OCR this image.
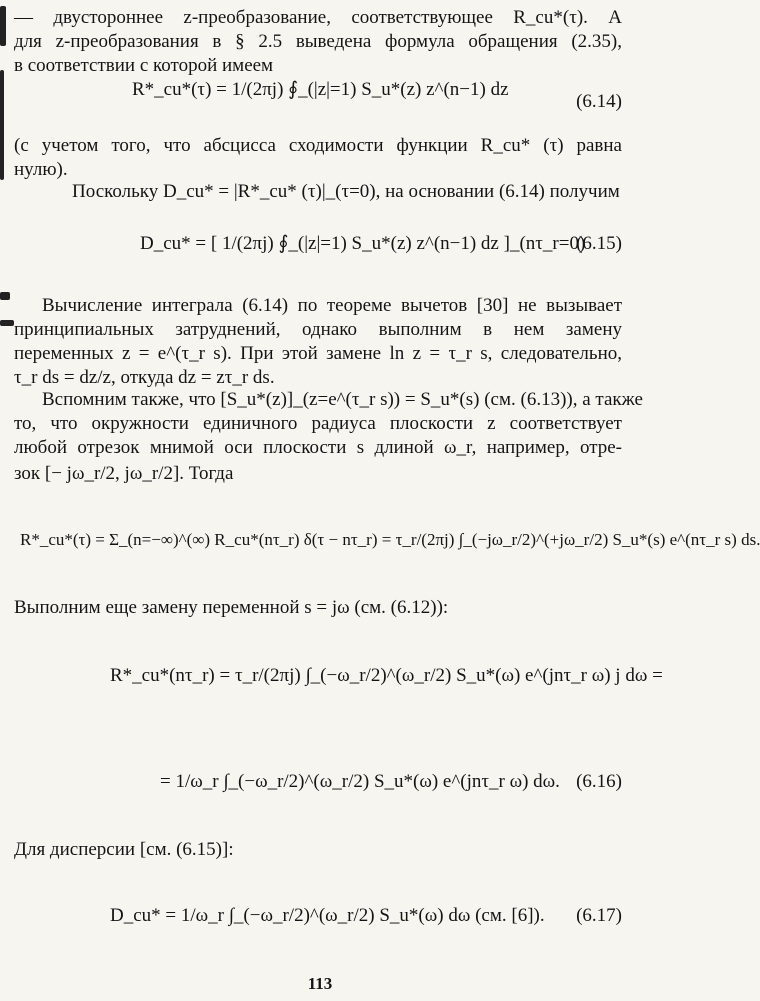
— двустороннее z-преобразование, соответствующее R_cu*(τ). А
для z-преобразования в § 2.5 выведена формула обращения (2.35),
в соответствии с которой имеем
R*_cu*(τ) = 1/(2πj) ∮_(|z|=1) S_u*(z) z^(n−1) dz
(6.14)
(с учетом того, что абсцисса сходимости функции R_cu* (τ) равна
нулю).
Поскольку D_cu* = |R*_cu* (τ)|_(τ=0), на основании (6.14) получим
D_cu* = [ 1/(2πj) ∮_(|z|=1) S_u*(z) z^(n−1) dz ]_(nτ_r=0)
(6.15)
Вычисление интеграла (6.14) по теореме вычетов [30] не вызывает
принципиальных затруднений, однако выполним в нем замену
переменных z = e^(τ_r s). При этой замене ln z = τ_r s, следовательно,
τ_r ds = dz/z, откуда dz = zτ_r ds.
Вспомним также, что [S_u*(z)]_(z=e^(τ_r s)) = S_u*(s) (см. (6.13)), а также
то, что окружности единичного радиуса плоскости z соответствует
любой отрезок мнимой оси плоскости s длиной ω_r, например, отре-
зок [− jω_r/2, jω_r/2]. Тогда
R*_cu*(τ) = Σ_(n=−∞)^(∞) R_cu*(nτ_r) δ(τ − nτ_r) = τ_r/(2πj) ∫_(−jω_r/2)^(+jω_r/2) S_u*(s) e^(nτ_r s) ds.
Выполним еще замену переменной s = jω (см. (6.12)):
R*_cu*(nτ_r) = τ_r/(2πj) ∫_(−ω_r/2)^(ω_r/2) S_u*(ω) e^(jnτ_r ω) j dω =
= 1/ω_r ∫_(−ω_r/2)^(ω_r/2) S_u*(ω) e^(jnτ_r ω) dω. (6.16)
Для дисперсии [см. (6.15)]:
D_cu* = 1/ω_r ∫_(−ω_r/2)^(ω_r/2) S_u*(ω) dω (см. [6]). (6.17)
113
